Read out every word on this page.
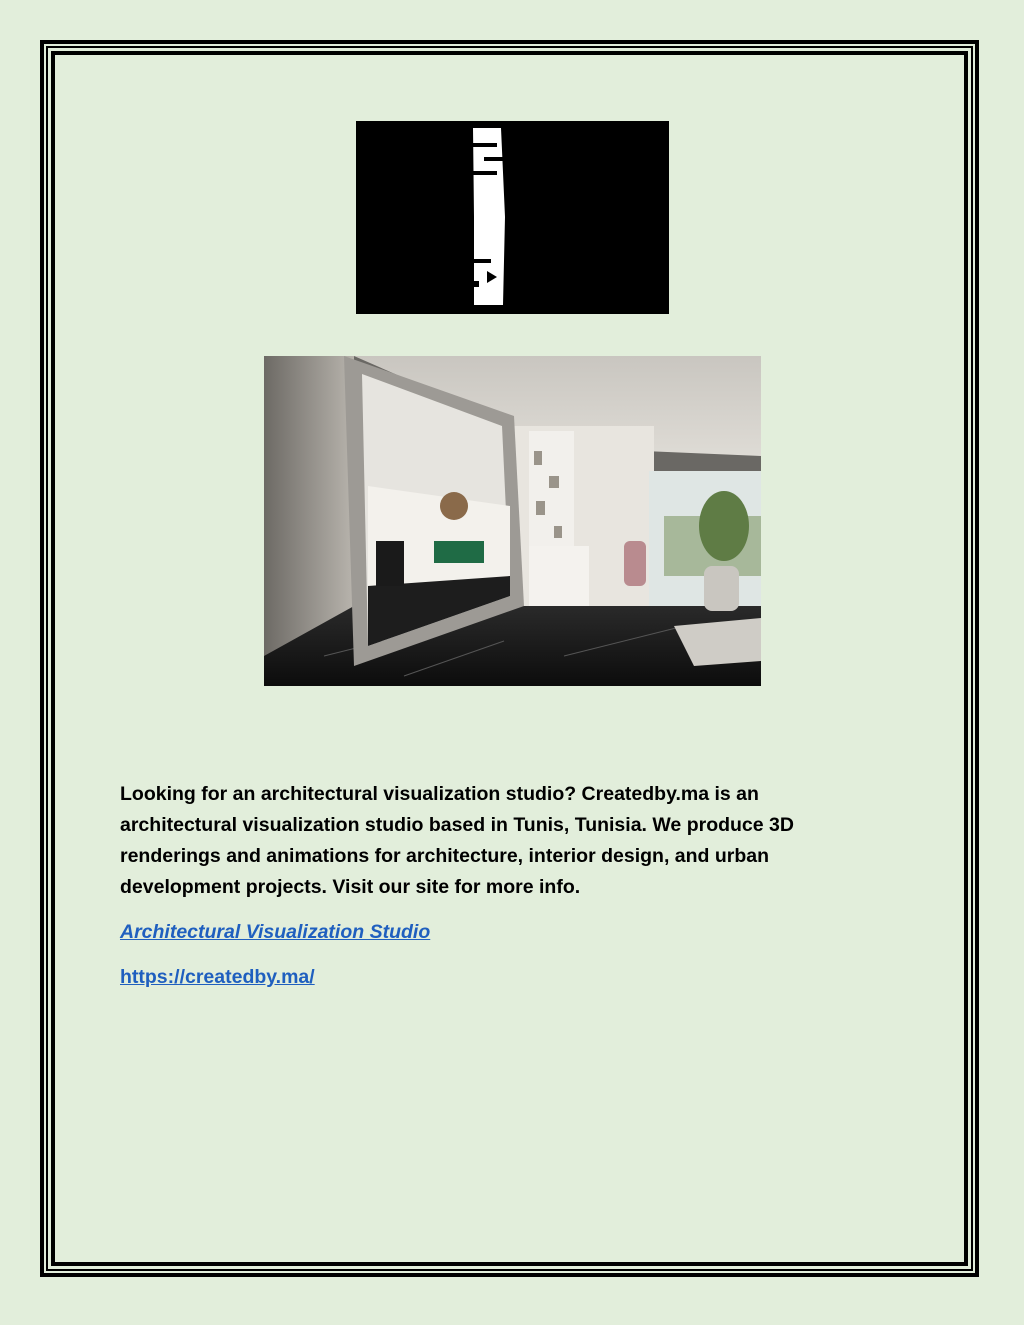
Looking for an architectural visualization studio? Createdby.ma is an architectural visualization studio based in Tunis, Tunisia. We produce 3D renderings and animations for architecture, interior design, and urban development projects. Visit our site for more info.

Architectural Visualization Studio
https://createdby.ma/
